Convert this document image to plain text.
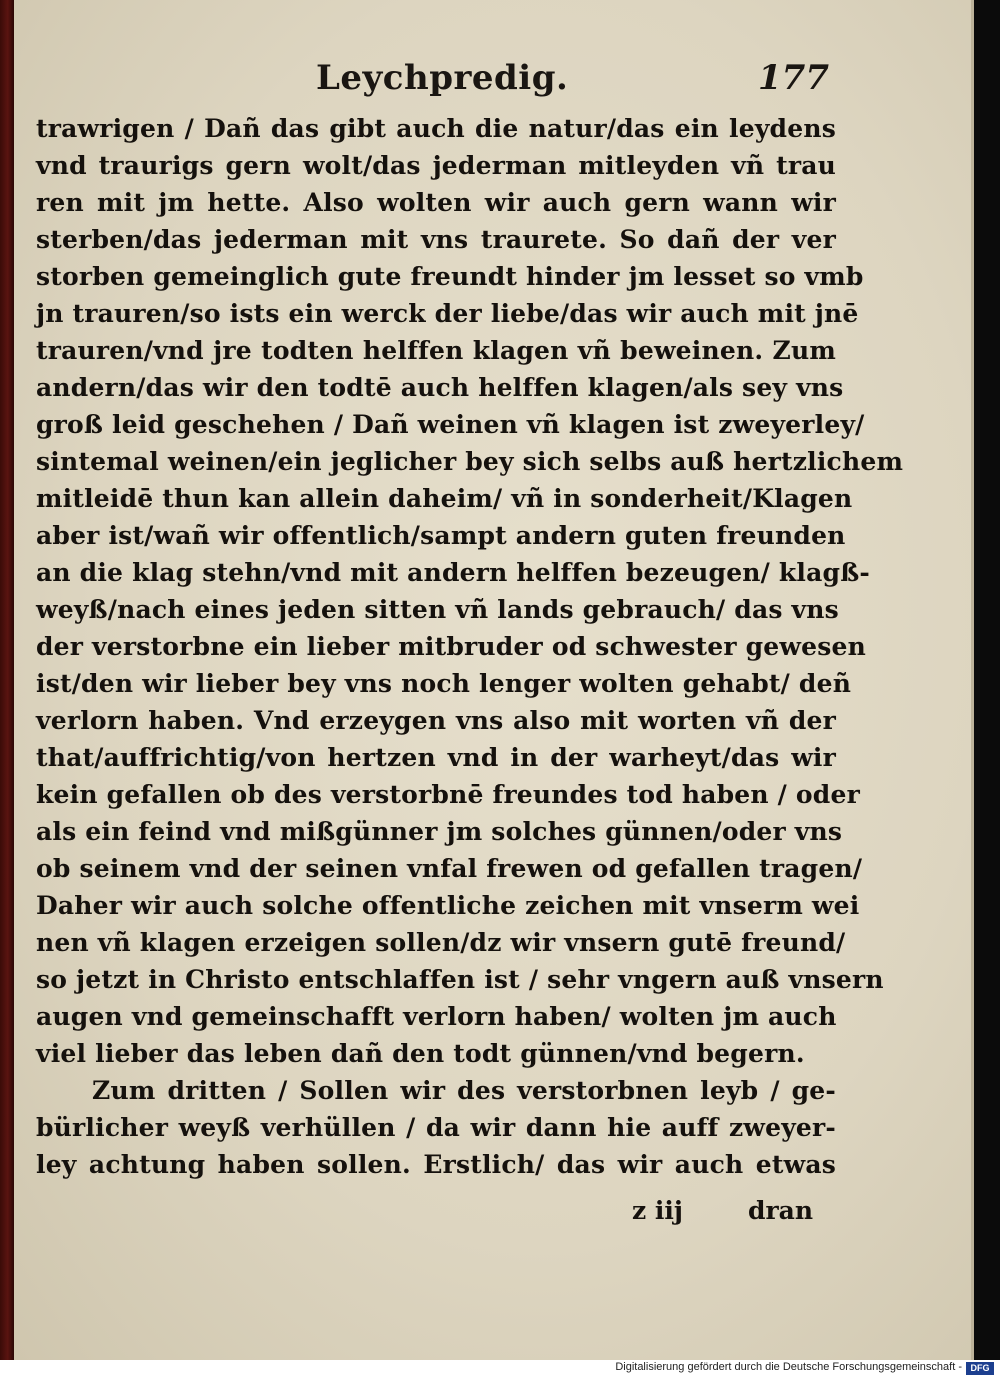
Leychpredig.	177
trawrigen / Dañ das gibt auch die natur/das ein leydens
vnd traurigs gern wolt/das jederman mitleyden vñ trau
ren mit jm hette. Also wolten wir auch gern wann wir
sterben/das jederman mit vns traurete. So dañ der ver
storben gemeinglich gute freundt hinder jm lesset so vmb
jn trauren/so ists ein werck der liebe/das wir auch mit jnē
trauren/vnd jre todten helffen klagen vñ beweinen. Zum
andern/das wir den todtē auch helffen klagen/als sey vns
groß leid geschehen / Dañ weinen vñ klagen ist zweyerley/
sintemal weinen/ein jeglicher bey sich selbs auß hertzlichem
mitleidē thun kan allein daheim/ vñ in sonderheit/Klagen
aber ist/wañ wir offentlich/sampt andern guten freunden
an die klag stehn/vnd mit andern helffen bezeugen/ klagß-
weyß/nach eines jeden sitten vñ lands gebrauch/ das vns
der verstorbne ein lieber mitbruder od schwester gewesen
ist/den wir lieber bey vns noch lenger wolten gehabt/ deñ
verlorn haben. Vnd erzeygen vns also mit worten vñ der
that/auffrichtig/von hertzen vnd in der warheyt/das wir
kein gefallen ob des verstorbnē freundes tod haben / oder
als ein feind vnd mißgünner jm solches günnen/oder vns
ob seinem vnd der seinen vnfal frewen od gefallen tragen/
Daher wir auch solche offentliche zeichen mit vnserm wei
nen vñ klagen erzeigen sollen/dz wir vnsern gutē freund/
so jetzt in Christo entschlaffen ist / sehr vngern auß vnsern
augen vnd gemeinschafft verlorn haben/ wolten jm auch
viel lieber das leben dañ den todt günnen/vnd begern.
Zum dritten / Sollen wir des verstorbnen leyb / ge-
bürlicher weyß verhüllen / da wir dann hie auff zweyer-
ley achtung haben sollen. Erstlich/ das wir auch etwas
z iij	dran
Digitalisierung gefördert durch die Deutsche Forschungsgemeinschaft - DFG
